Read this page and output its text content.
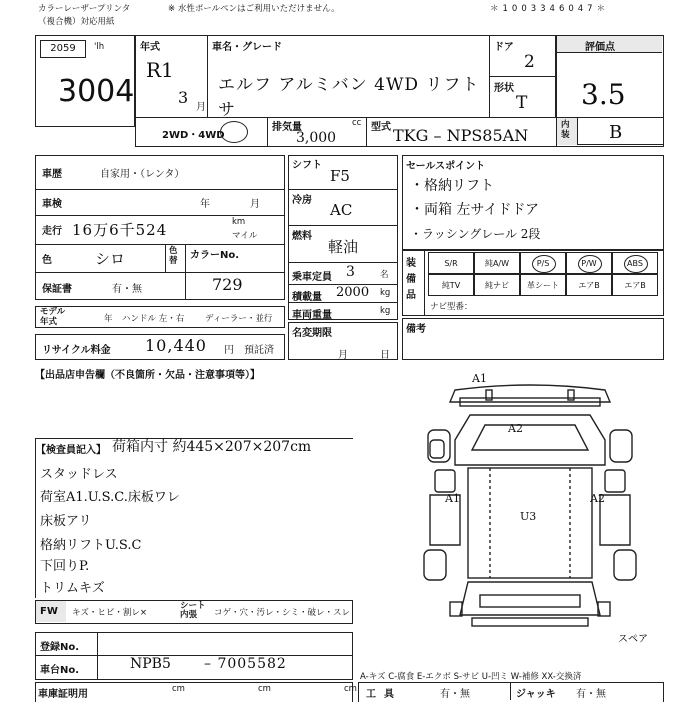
カラーレーザープリンタ	※ 水性ボールペンはご利用いただけません。
（複合機）対応用紙
＊1003346047＊
2059	'lh
3004
年式
R1
3
月
車名・グレード
エルフ アルミバン 4WD リフトサ
ドア
2
形状
T
評価点
3.5
2WD・4WD
排気量	cc
3,000
型式 TKG – NPS85AN
内装 B
車歴	自家用・（レンタ）
車検	年	月
走行 16万6千524	km
マイル
色	シロ	色替	カラーNo.
保証書	有・無	729
モデル年式	年 ハンドル 左・右 ディーラー・並行
リサイクル料金 10,440 円 預託済
シフト
F5
冷房
AC
燃料
軽油
乗車定員 3	名
積載量 2000 kg
車両重量	kg
名変期限
月	日
セールスポイント
・格納リフト
・両箱 左サイドドア
・ラッシングレール 2段
装備品
S/R	純A/W	P/S	P/W	ABS
純TV	純ナビ	革シート	エアB	エアB
ナビ型番：
備考
【出品店申告欄（不良箇所・欠品・注意事項等）】
【検査員記入】 荷箱内寸 約445×207×207cm
スタッドレス
荷室A1.U.S.C.床板ワレ
床板アリ
格納リフトU.S.C
下回りP.
トリムキズ
FW キズ・ヒビ・割レ×
シート内張	コゲ・穴・汚レ・シミ・破レ・スレ
登録No.
車台No.	NPB5 – 7005582
車庫証明用	cm	cm	cm
A-キズ C-腐食 E-エクボ S-サビ U-凹ミ W-補修 XX-交換済
工具	有・無	ジャッキ 有・無
A1
A2
A1	A2
U3
スペア
